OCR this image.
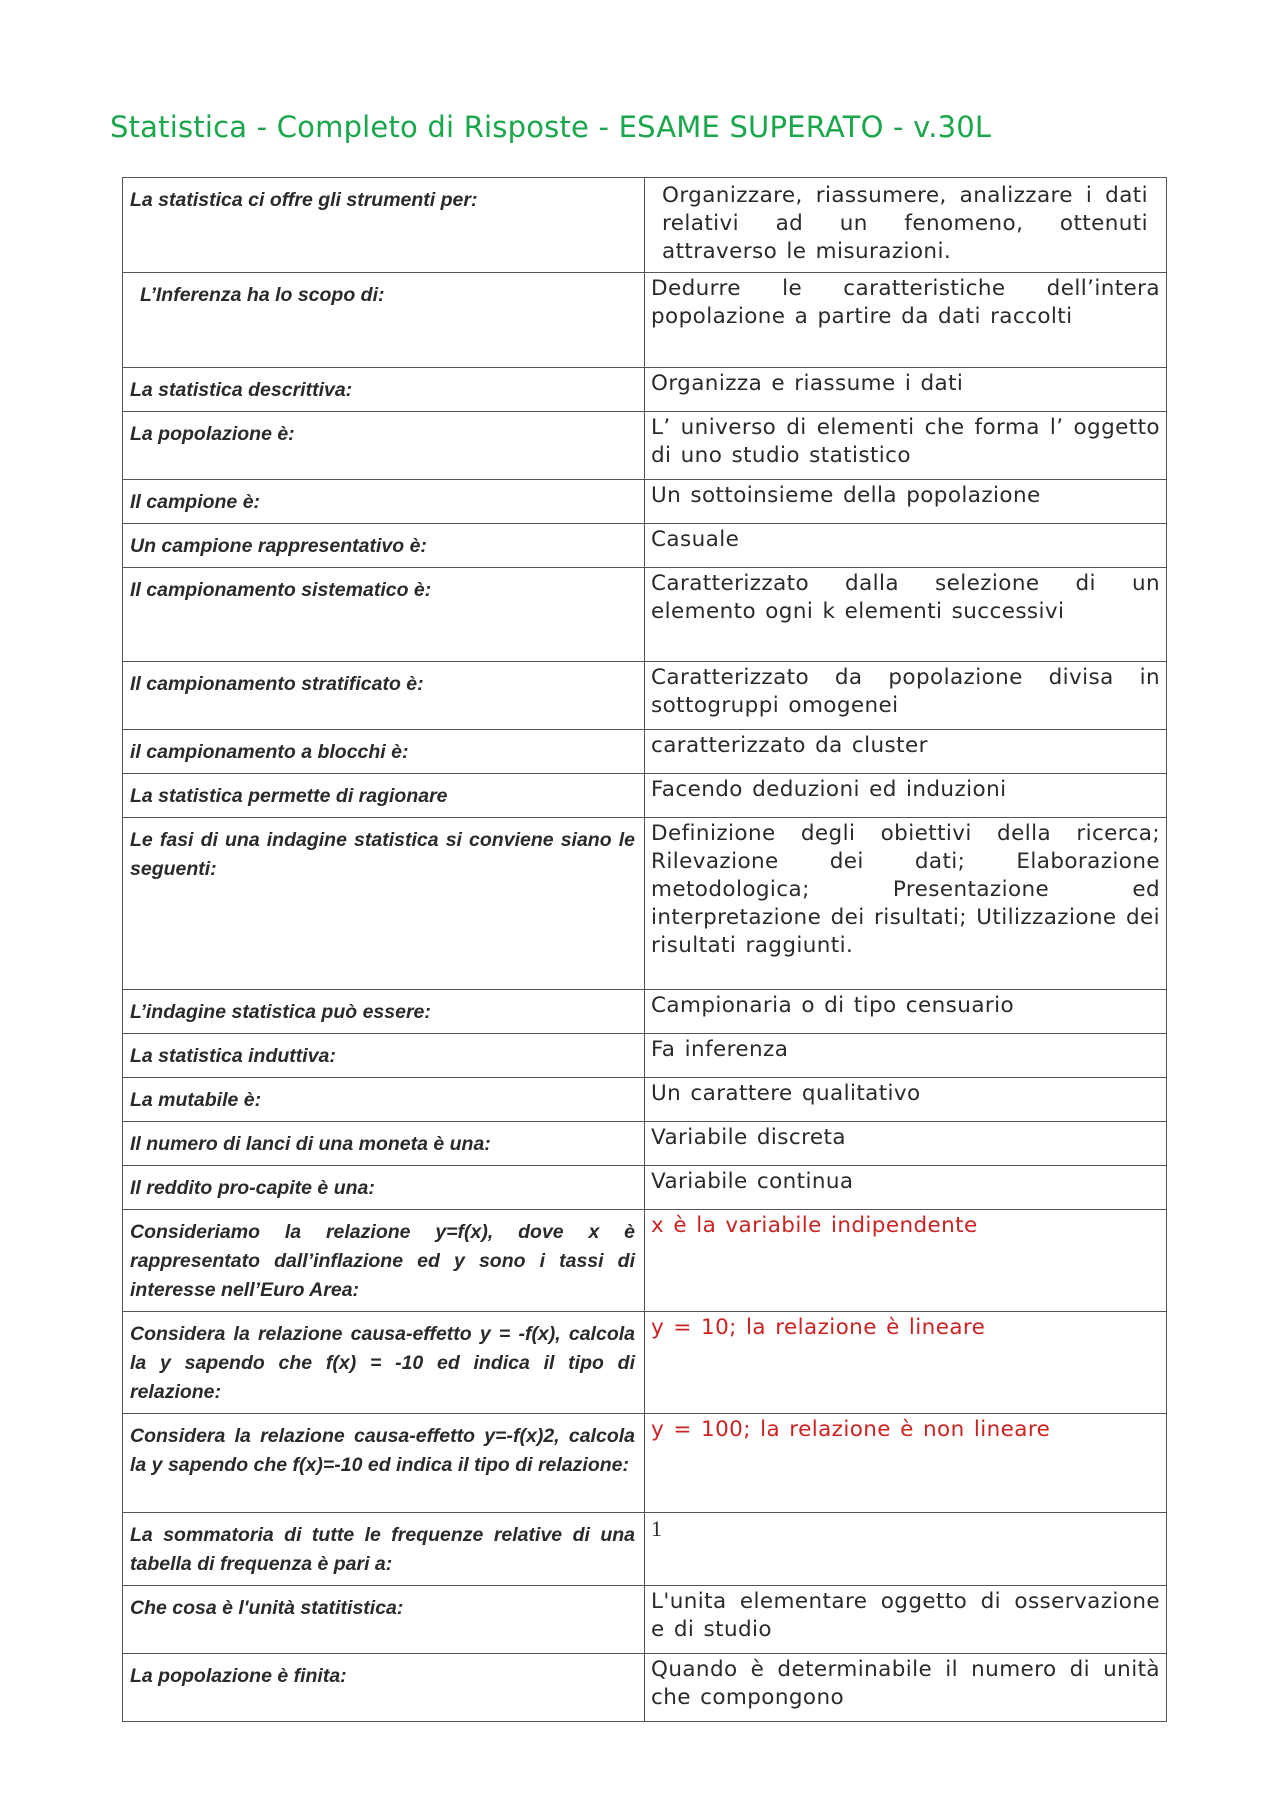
Statistica - Completo di Risposte - ESAME SUPERATO - v.30L
La statistica ci offre gli strumenti per:	Organizzare, riassumere, analizzare i dati relativi ad un fenomeno, ottenuti attraverso le misurazioni.

L’Inferenza ha lo scopo di:	Dedurre le caratteristiche dell’intera popolazione a partire da dati raccolti

La statistica descrittiva:	Organizza e riassume i dati

La popolazione è:	L’ universo di elementi che forma l’ oggetto di uno studio statistico

Il campione è:	Un sottoinsieme della popolazione

Un campione rappresentativo è:	Casuale

Il campionamento sistematico è:	Caratterizzato dalla selezione di un elemento ogni k elementi successivi

Il campionamento stratificato è:	Caratterizzato da popolazione divisa in sottogruppi omogenei

il campionamento a blocchi è:	caratterizzato da cluster

La statistica permette di ragionare	Facendo deduzioni ed induzioni

Le fasi di una indagine statistica si conviene siano le seguenti:	Definizione degli obiettivi della ricerca; Rilevazione dei dati; Elaborazione metodologica; Presentazione ed interpretazione dei risultati; Utilizzazione dei risultati raggiunti.

L’indagine statistica può essere:	Campionaria o di tipo censuario

La statistica induttiva:	Fa inferenza

La mutabile è:	Un carattere qualitativo

Il numero di lanci di una moneta è una:	Variabile discreta

Il reddito pro-capite è una:	Variabile continua

Consideriamo la relazione y=f(x), dove x è rappresentato dall’inflazione ed y sono i tassi di interesse nell’Euro Area:	x è la variabile indipendente

Considera la relazione causa-effetto y = -f(x), calcola la y sapendo che f(x) = -10 ed indica il tipo di relazione:	y = 10; la relazione è lineare

Considera la relazione causa-effetto y=-f(x)2, calcola la y sapendo che f(x)=-10 ed indica il tipo di relazione:	y = 100; la relazione è non lineare

La sommatoria di tutte le frequenze relative di una tabella di frequenza è pari a:	1

Che cosa è l'unità statitistica:	L'unita elementare oggetto di osservazione e di studio

La popolazione è finita:	Quando è determinabile il numero di unità che compongono
